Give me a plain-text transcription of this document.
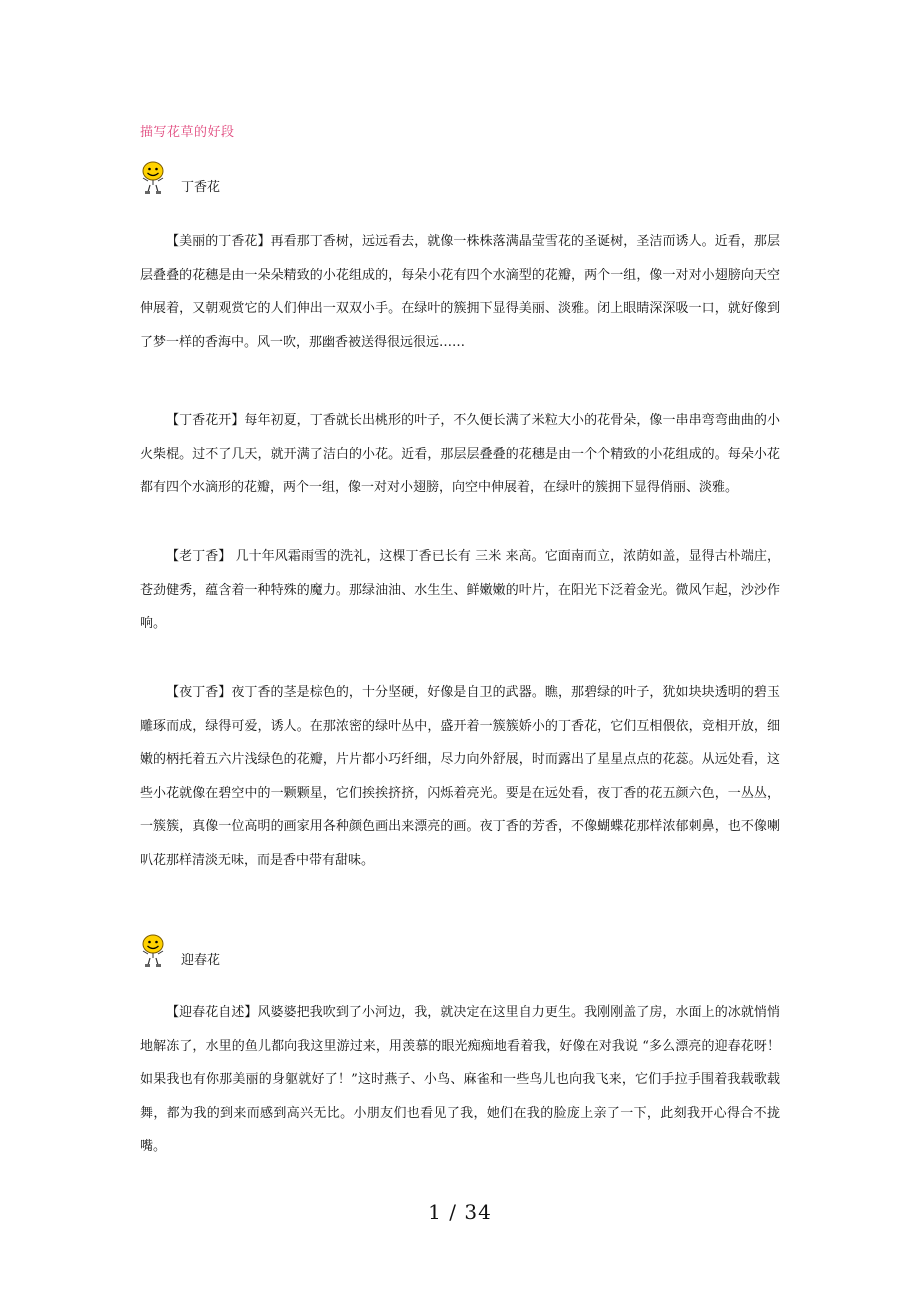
描写花草的好段
丁香花

【美丽的丁香花】再看那丁香树，远远看去，就像一株株落满晶莹雪花的圣诞树，圣洁而诱人。近看，那层层叠叠的花穗是由一朵朵精致的小花组成的，每朵小花有四个水滴型的花瓣，两个一组，像一对对小翅膀向天空伸展着，又朝观赏它的人们伸出一双双小手。在绿叶的簇拥下显得美丽、淡雅。闭上眼睛深深吸一口，就好像到了梦一样的香海中。风一吹，那幽香被送得很远很远……

【丁香花开】每年初夏，丁香就长出桃形的叶子，不久便长满了米粒大小的花骨朵，像一串串弯弯曲曲的小火柴棍。过不了几天，就开满了洁白的小花。近看，那层层叠叠的花穗是由一个个精致的小花组成的。每朵小花都有四个水滴形的花瓣，两个一组，像一对对小翅膀，向空中伸展着，在绿叶的簇拥下显得俏丽、淡雅。

【老丁香】 几十年风霜雨雪的洗礼，这棵丁香已长有 三米 来高。它面南而立，浓荫如盖，显得古朴端庄，苍劲健秀，蕴含着一种特殊的魔力。那绿油油、水生生、鲜嫩嫩的叶片，在阳光下泛着金光。微风乍起，沙沙作响。

【夜丁香】夜丁香的茎是棕色的，十分坚硬，好像是自卫的武器。瞧，那碧绿的叶子，犹如块块透明的碧玉雕琢而成，绿得可爱，诱人。在那浓密的绿叶丛中，盛开着一簇簇娇小的丁香花，它们互相偎依，竞相开放，细嫩的柄托着五六片浅绿色的花瓣，片片都小巧纤细，尽力向外舒展，时而露出了星星点点的花蕊。从远处看，这些小花就像在碧空中的一颗颗星，它们挨挨挤挤，闪烁着亮光。要是在远处看，夜丁香的花五颜六色，一丛丛，一簇簇，真像一位高明的画家用各种颜色画出来漂亮的画。夜丁香的芳香，不像蝴蝶花那样浓郁刺鼻，也不像喇叭花那样清淡无味，而是香中带有甜味。

迎春花

【迎春花自述】风婆婆把我吹到了小河边，我，就决定在这里自力更生。我刚刚盖了房，水面上的冰就悄悄地解冻了，水里的鱼儿都向我这里游过来，用羡慕的眼光痴痴地看着我，好像在对我说 “多么漂亮的迎春花呀！如果我也有你那美丽的身躯就好了！”这时燕子、小鸟、麻雀和一些鸟儿也向我飞来，它们手拉手围着我载歌载舞，都为我的到来而感到高兴无比。小朋友们也看见了我，她们在我的脸庞上亲了一下，此刻我开心得合不拢嘴。

1 / 34
